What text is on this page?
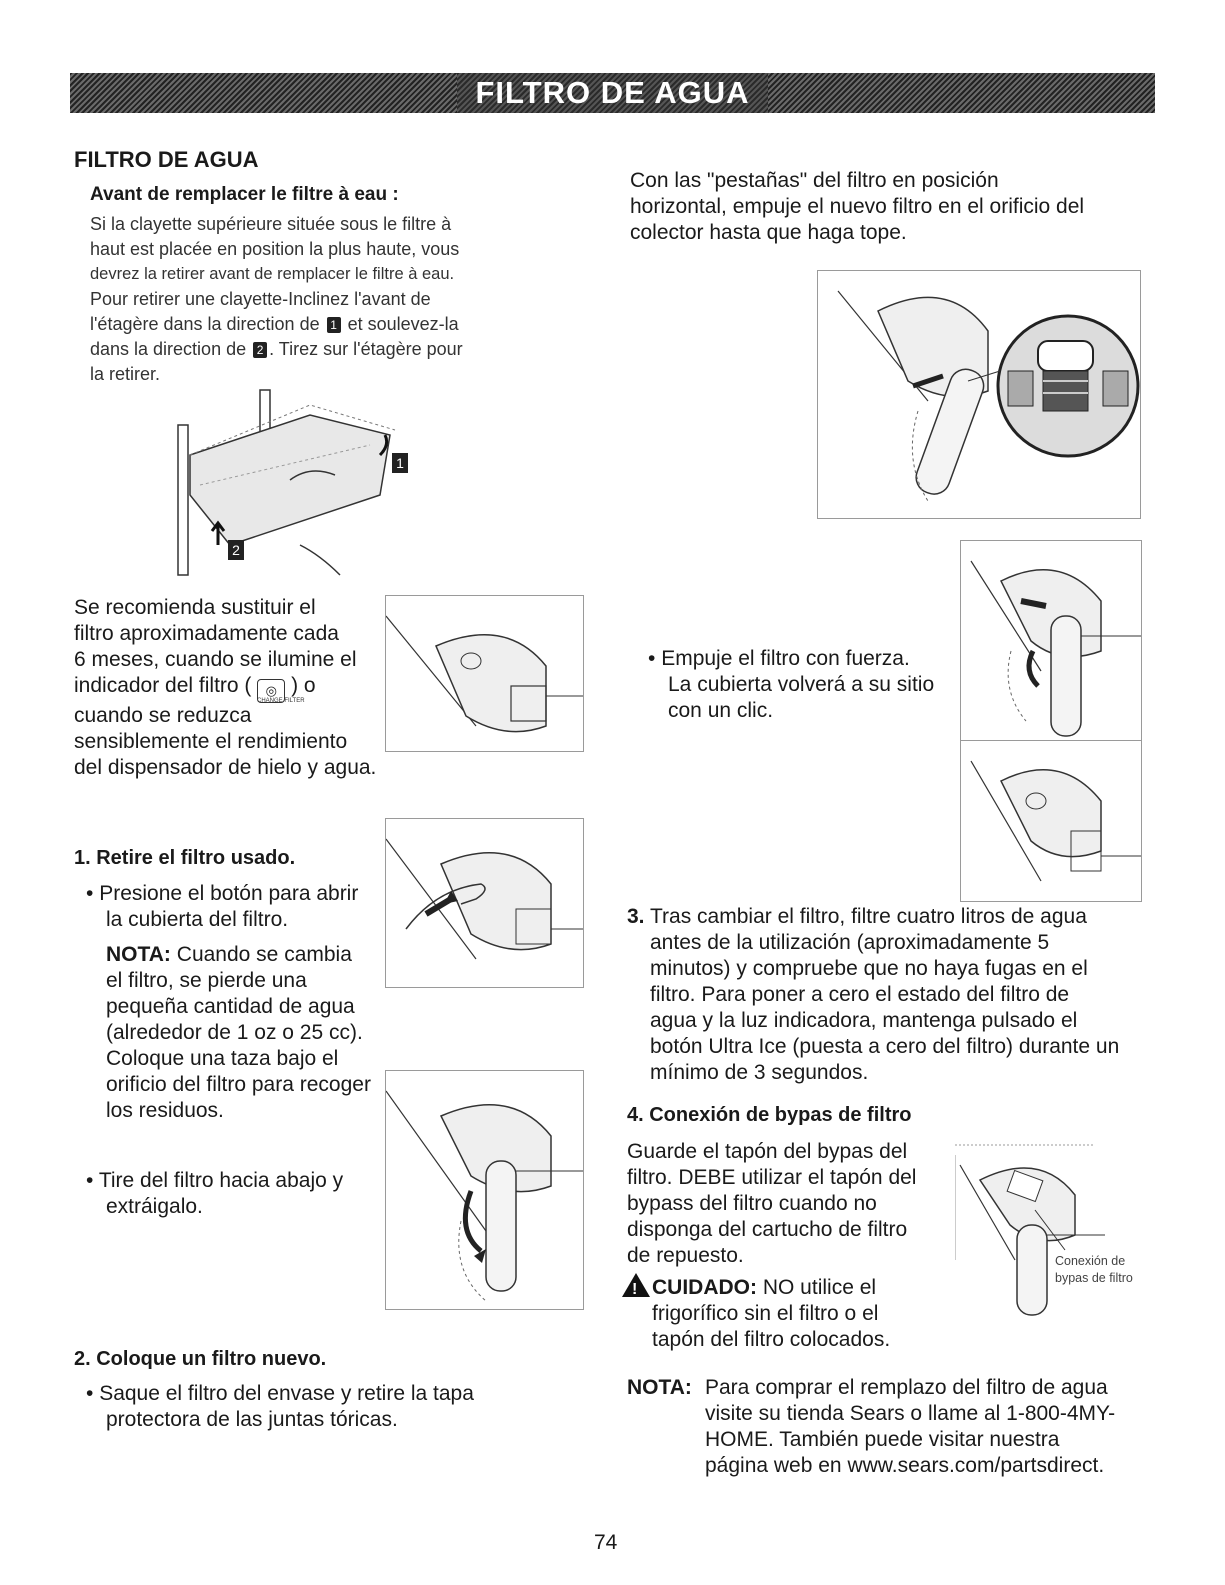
FILTRO DE AGUA
FILTRO DE AGUA
Avant de remplacer le filtre à eau :
Si la clayette supérieure située sous le filtre à
haut est placée en position la plus haute, vous
devrez la retirer avant de remplacer le filtre à eau.
Pour retirer une clayette-Inclinez l'avant de
l'étagère dans la direction de 1 et soulevez-la
dans la direction de 2 . Tirez sur l'étagère pour
la retirer.
1
2
Se recomienda sustituir el
filtro aproximadamente cada
6 meses, cuando se ilumine el
indicador del filtro ( ◎ ) o
cuando se reduzca
sensiblemente el rendimiento
del dispensador de hielo y agua.
CHANGE FILTER
1. Retire el filtro usado.
• Presione el botón para abrir
la cubierta del filtro.
NOTA: Cuando se cambia
el filtro, se pierde una
pequeña cantidad de agua
(alrededor de 1 oz o 25 cc).
Coloque una taza bajo el
orificio del filtro para recoger
los residuos.
• Tire del filtro hacia abajo y
extráigalo.
2. Coloque un filtro nuevo.
• Saque el filtro del envase y retire la tapa
protectora de las juntas tóricas.
Con las "pestañas" del filtro en posición
horizontal, empuje el nuevo filtro en el orificio del
colector hasta que haga tope.
• Empuje el filtro con fuerza.
La cubierta volverá a su sitio
con un clic.
3. Tras cambiar el filtro, filtre cuatro litros de agua
antes de la utilización (aproximadamente 5
minutos) y compruebe que no haya fugas en el
filtro. Para poner a cero el estado del filtro de
agua y la luz indicadora, mantenga pulsado el
botón Ultra Ice (puesta a cero del filtro) durante un
mínimo de 3 segundos.
4. Conexión de bypas de filtro
Guarde el tapón del bypas del
filtro. DEBE utilizar el tapón del
bypass del filtro cuando no
disponga del cartucho de filtro
de repuesto.
!CUIDADO: NO utilice el
frigorífico sin el filtro o el
tapón del filtro colocados.
Conexión de
bypas de filtro
NOTA: Para comprar el remplazo del filtro de agua
visite su tienda Sears o llame al 1-800-4MY-
HOME. También puede visitar nuestra
página web en www.sears.com/partsdirect.
74
